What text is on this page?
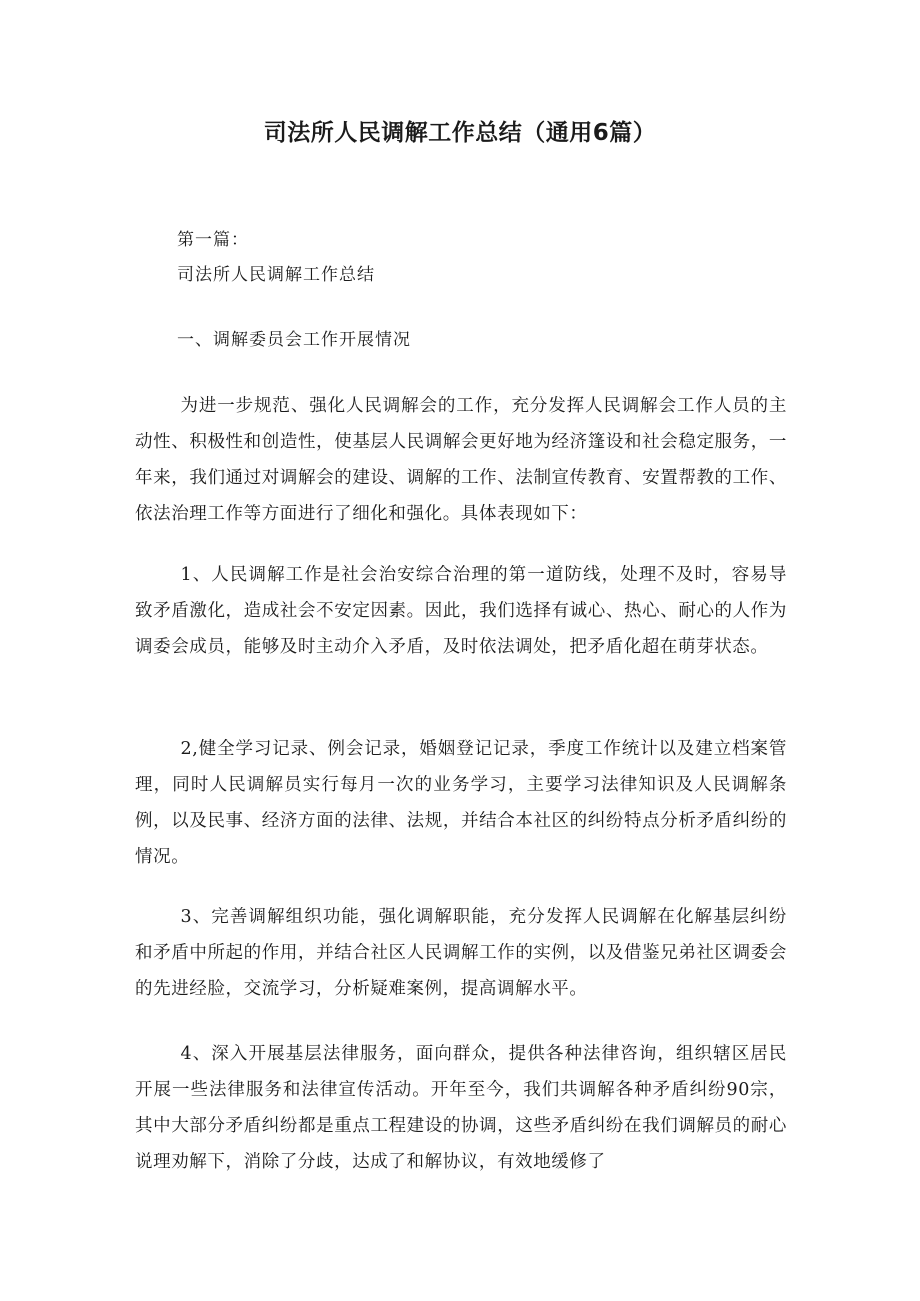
司法所人民调解工作总结（通用6篇）

第一篇：

司法所人民调解工作总结

一、调解委员会工作开展情况

为进一步规范、强化人民调解会的工作，充分发挥人民调解会工作人员的主动性、积极性和创造性，使基层人民调解会更好地为经济篷设和社会稳定服务，一年来，我们通过对调解会的建设、调解的工作、法制宣传教育、安置帮教的工作、依法治理工作等方面进行了细化和强化。具体表现如下：

1、人民调解工作是社会治安综合治理的第一道防线，处理不及时，容易导致矛盾激化，造成社会不安定因素。因此，我们选择有诚心、热心、耐心的人作为调委会成员，能够及时主动介入矛盾，及时依法调处，把矛盾化超在萌芽状态。

2,健全学习记录、例会记录，婚姻登记记录，季度工作统计以及建立档案管理，同时人民调解员实行每月一次的业务学习，主要学习法律知识及人民调解条例，以及民事、经济方面的法律、法规，并结合本社区的纠纷特点分析矛盾纠纷的情况。

3、完善调解组织功能，强化调解职能，充分发挥人民调解在化解基层纠纷和矛盾中所起的作用，并结合社区人民调解工作的实例，以及借鉴兄弟社区调委会的先进经脸，交流学习，分析疑难案例，提高调解水平。

4、深入开展基层法律服务，面向群众，提供各种法律咨询，组织辖区居民开展一些法律服务和法律宣传活动。开年至今，我们共调解各种矛盾纠纷90宗，其中大部分矛盾纠纷都是重点工程建设的协调，这些矛盾纠纷在我们调解员的耐心说理劝解下，消除了分歧，达成了和解协议，有效地缓修了
